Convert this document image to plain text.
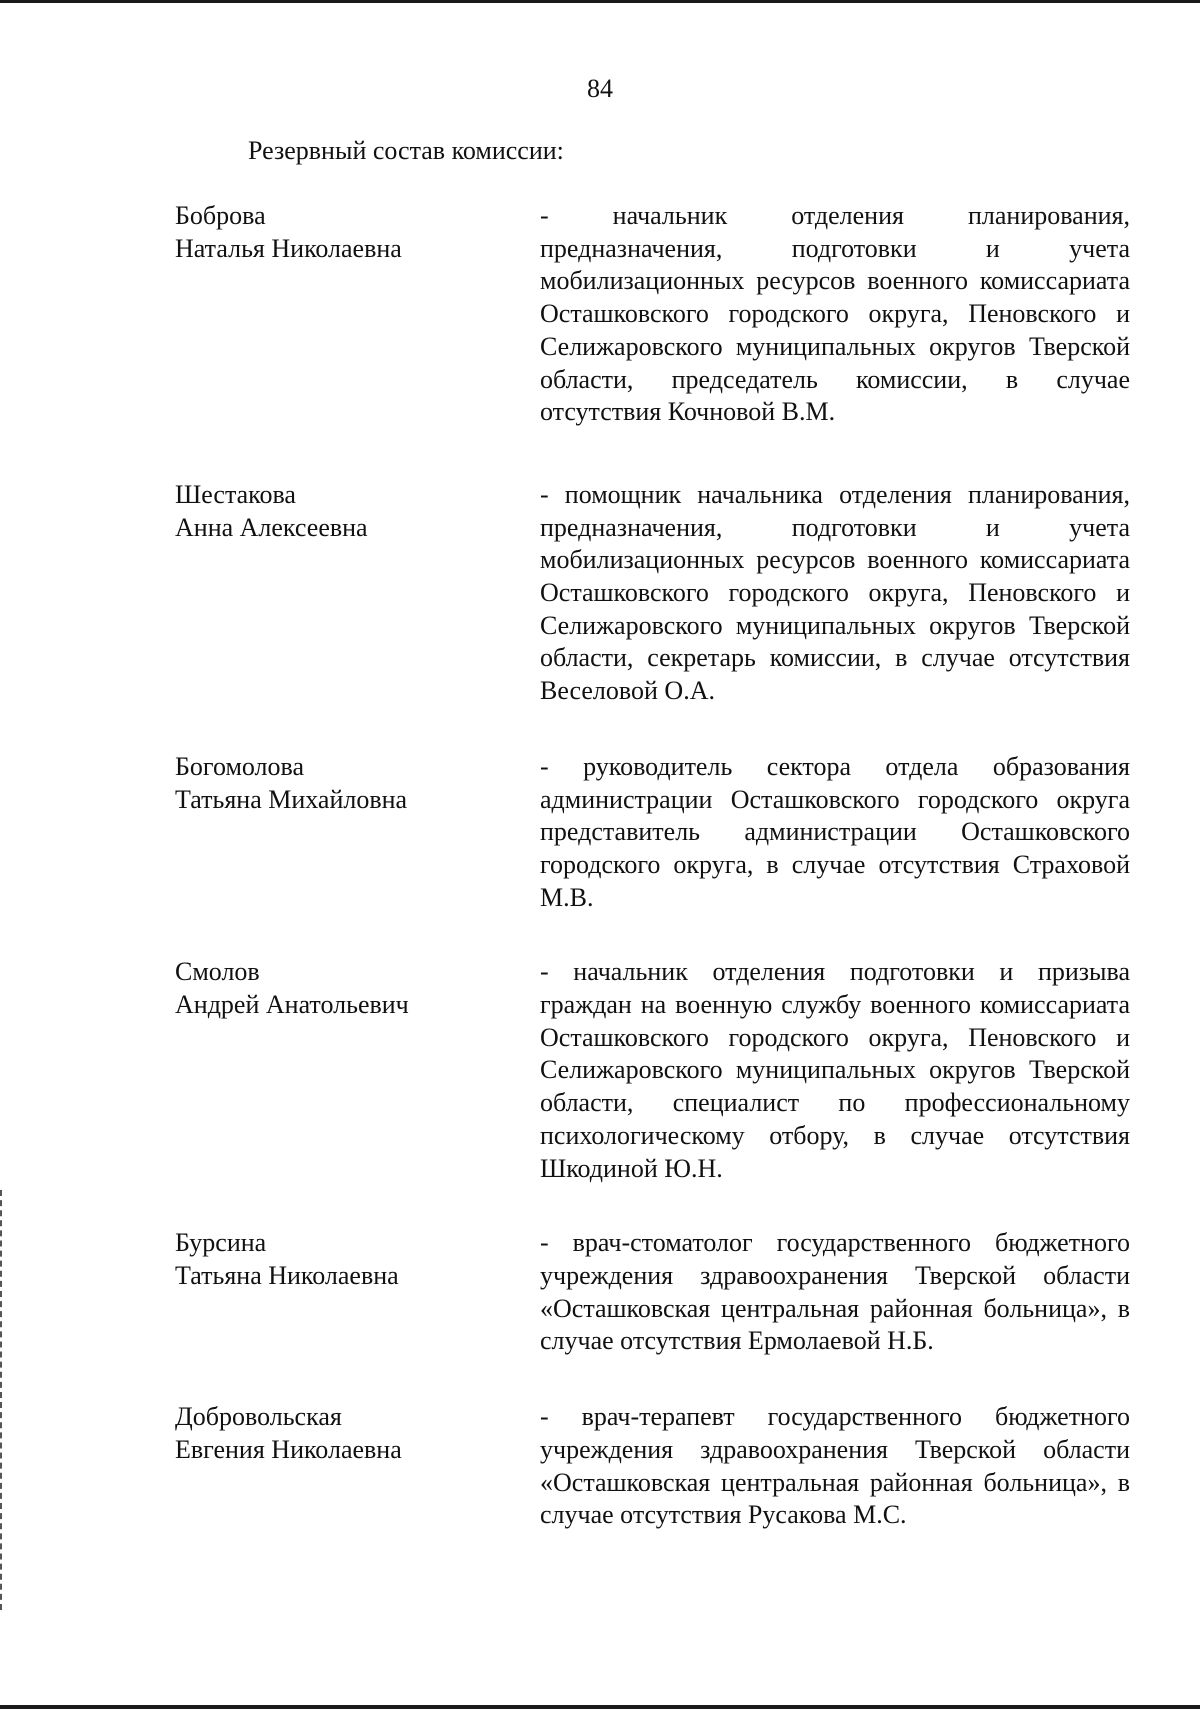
84
Резервный состав комиссии:
Боброва
Наталья Николаевна
- начальник отделения планирования, предназначения, подготовки и учета мобилизационных ресурсов военного комиссариата Осташковского городского округа, Пеновского и Селижаровского муниципальных округов Тверской области, председатель комиссии, в случае отсутствия Кочновой В.М.
Шестакова
Анна Алексеевна
- помощник начальника отделения планирования, предназначения, подготовки и учета мобилизационных ресурсов военного комиссариата Осташковского городского округа, Пеновского и Селижаровского муниципальных округов Тверской области, секретарь комиссии, в случае отсутствия Веселовой О.А.
Богомолова
Татьяна Михайловна
- руководитель сектора отдела образования администрации Осташковского городского округа представитель администрации Осташковского городского округа, в случае отсутствия Страховой М.В.
Смолов
Андрей Анатольевич
- начальник отделения подготовки и призыва граждан на военную службу военного комиссариата Осташковского городского округа, Пеновского и Селижаровского муниципальных округов Тверской области, специалист по профессиональному психологическому отбору, в случае отсутствия Шкодиной Ю.Н.
Бурсина
Татьяна Николаевна
- врач-стоматолог государственного бюджетного учреждения здравоохранения Тверской области «Осташковская центральная районная больница», в случае отсутствия Ермолаевой Н.Б.
Добровольская
Евгения Николаевна
- врач-терапевт государственного бюджетного учреждения здравоохранения Тверской области «Осташковская центральная районная больница», в случае отсутствия Русакова М.С.
